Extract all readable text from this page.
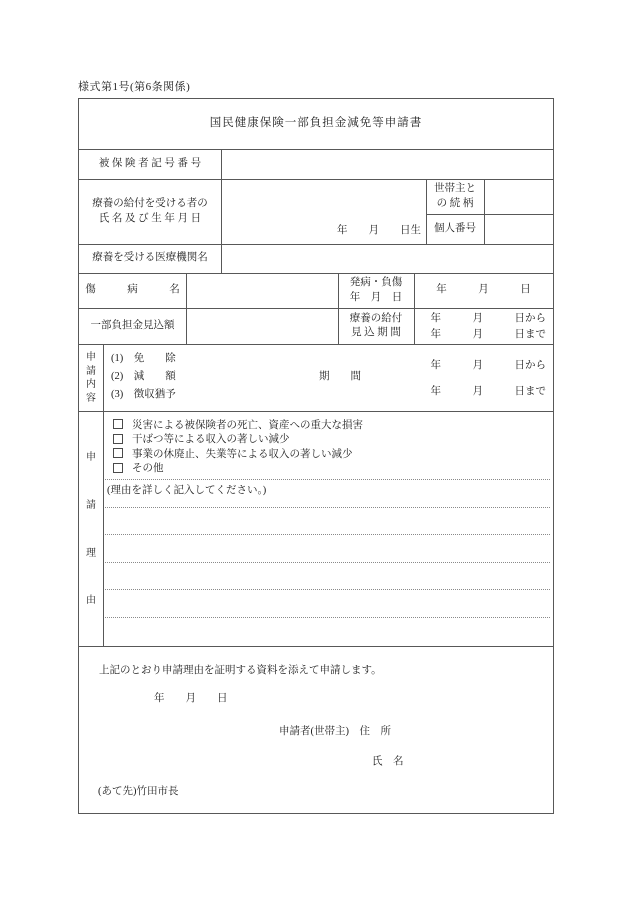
様式第1号(第6条関係)
国民健康保険一部負担金減免等申請書
被 保 険 者 記 号 番 号
療養の給付を受ける者の
氏 名 及 び 生 年 月 日
年　　月　　日生
世帯主と
の 続 柄
個人番号
療養を受ける医療機関名
傷　　　病　　　名
発病・負傷
年　月　日
年　　　月　　　日
一部負担金見込額
療養の給付
見 込 期 間
年　　　月　　　日から
年　　　月　　　日まで
申
請
内
容
(1)　免　　除
(2)　減　　額
(3)　徴収猶予
期　　間
年　　　月　　　日から
年　　　月　　　日まで
申
請
理
由
災害による被保険者の死亡、資産への重大な損害
干ばつ等による収入の著しい減少
事業の休廃止、失業等による収入の著しい減少
その他
(理由を詳しく記入してください。)
上記のとおり申請理由を証明する資料を添えて申請します。
年　　月　　日
申請者(世帯主)　住　所
氏　名
(あて先)竹田市長
